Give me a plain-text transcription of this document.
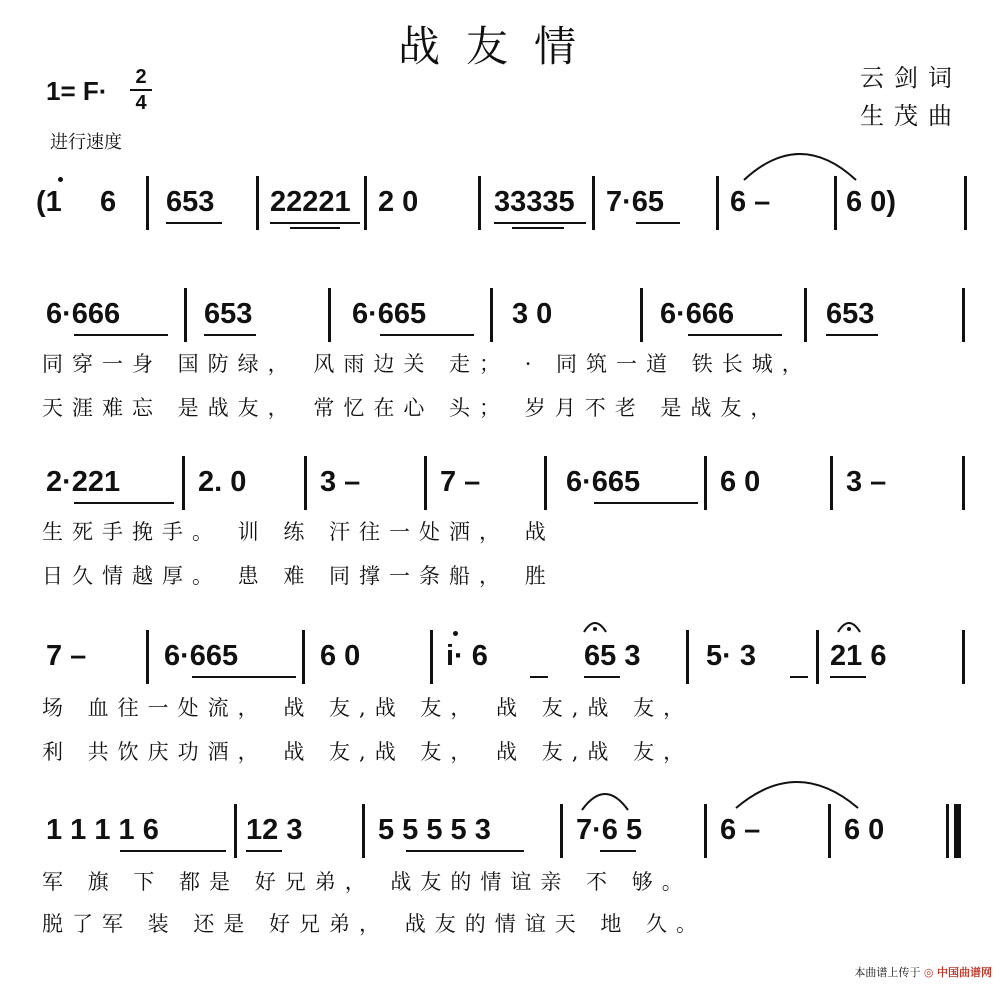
战友情
1= F· 2
4
进行速度
云剑词
生茂曲
(1 6 653 22221 2 0	33335 7·65 6 –	6 0)
6·666	653	6·665	3 0	6·666	653
同穿一身 国防绿， 风雨边关 走； · 同筑一道 铁长城，
天涯难忘 是战友， 常忆在心 头； 岁月不老 是战友，
2·221	2. 0	3 –	7 –	6·665	6 0	3 –
生死手挽手。 训 练 汗往一处洒， 战
日久情越厚。 患 难 同撑一条船， 胜
7 –	6·665	6 0	i· 6	65 3 5· 3	21 6
场 血往一处流， 战 友,战 友， 战 友,战 友，
利 共饮庆功酒， 战 友,战 友， 战 友,战 友，
1 1 1 1 6	12 3	5 5 5 5 3	7·6 5	6 –	6 0
军 旗 下 都是 好兄弟， 战友的情谊亲 不 够。
脱了军 装 还是 好兄弟， 战友的情谊天 地 久。
本曲谱上传于 ◎ 中国曲谱网
